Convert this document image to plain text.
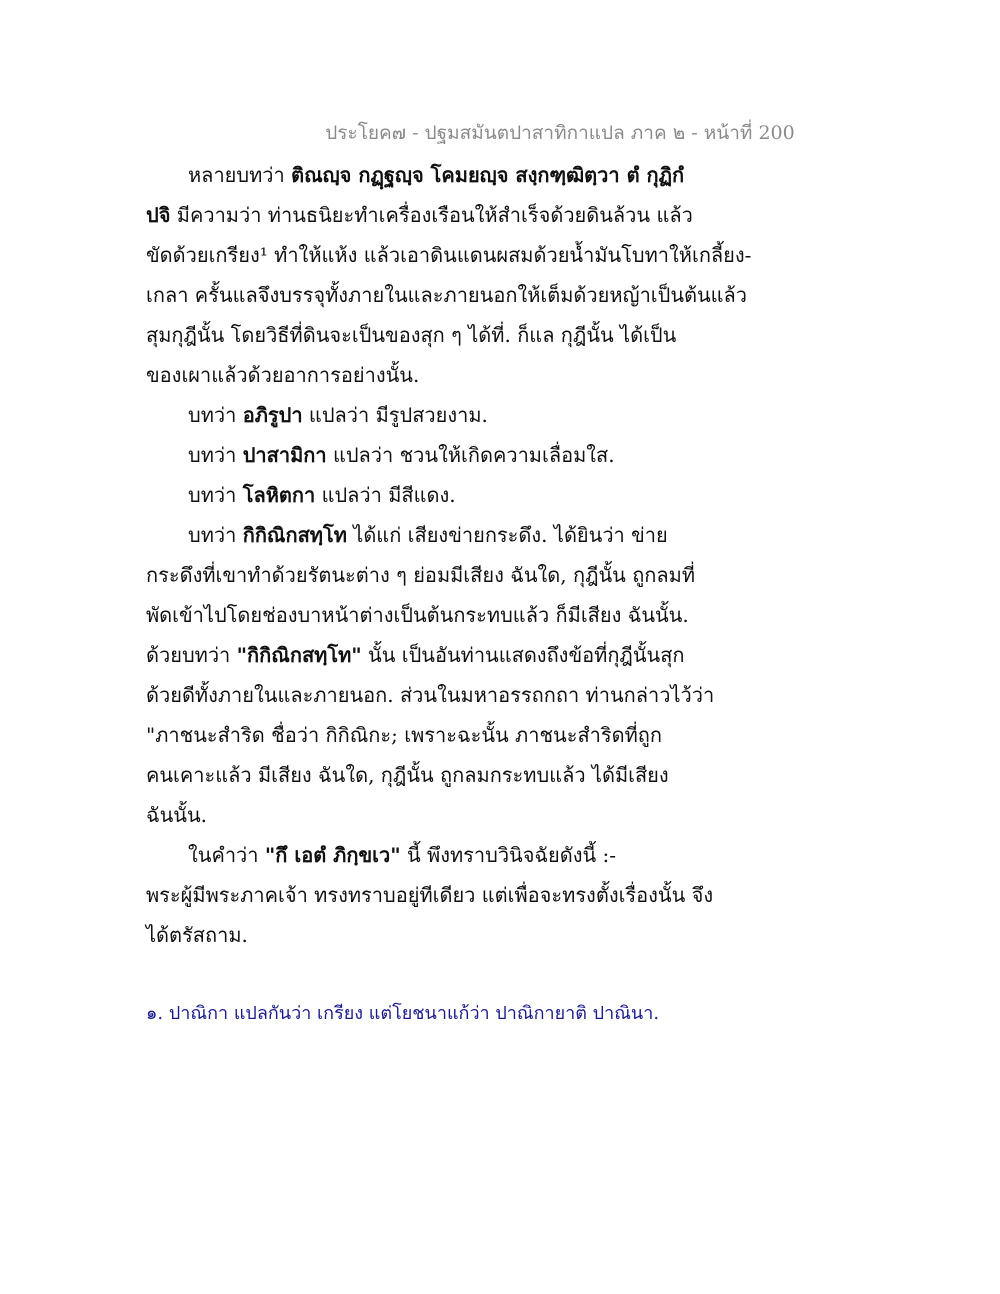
ประโยค๗ - ปฐมสมันตปาสาทิกาแปล ภาค ๒ - หน้าที่ 200
หลายบทว่า ติณญฺจ กฏฺฐญฺจ โคมยญฺจ สงฺกฑฺฒิตฺวา ตํ กุฏิกํ
ปจิ มีความว่า ท่านธนิยะทำเครื่องเรือนให้สำเร็จด้วยดินล้วน แล้ว
ขัดด้วยเกรียง¹ ทำให้แห้ง แล้วเอาดินแดนผสมด้วยน้ำมันโบทาให้เกลี้ยง-
เกลา ครั้นแลจึงบรรจุทั้งภายในและภายนอกให้เต็มด้วยหญ้าเป็นต้นแล้ว
สุมกุฎีนั้น โดยวิธีที่ดินจะเป็นของสุก ๆ ได้ที่. ก็แล กุฎีนั้น ได้เป็น
ของเผาแล้วด้วยอาการอย่างนั้น.
บทว่า อภิรูปา แปลว่า มีรูปสวยงาม.
บทว่า ปาสามิกา แปลว่า ชวนให้เกิดความเลื่อมใส.
บทว่า โลหิตกา แปลว่า มีสีแดง.
บทว่า กิกิณิกสทฺโท ได้แก่ เสียงข่ายกระดึง. ได้ยินว่า ข่าย
กระดึงที่เขาทำด้วยรัตนะต่าง ๆ ย่อมมีเสียง ฉันใด, กุฎีนั้น ถูกลมที่
พัดเข้าไปโดยช่องบาหน้าต่างเป็นต้นกระทบแล้ว ก็มีเสียง ฉันนั้น.
ด้วยบทว่า "กิกิณิกสทฺโท" นั้น เป็นอันท่านแสดงถึงข้อที่กุฎีนั้นสุก
ด้วยดีทั้งภายในและภายนอก. ส่วนในมหาอรรถกถา ท่านกล่าวไว้ว่า
"ภาชนะสำริด ชื่อว่า กิกิณิกะ; เพราะฉะนั้น ภาชนะสำริดที่ถูก
คนเคาะแล้ว มีเสียง ฉันใด, กุฎีนั้น ถูกลมกระทบแล้ว ได้มีเสียง
ฉันนั้น.
ในคำว่า "กึ เอตํ ภิกฺขเว" นี้ พึงทราบวินิจฉัยดังนี้ :-
พระผู้มีพระภาคเจ้า ทรงทราบอยู่ทีเดียว แต่เพื่อจะทรงตั้งเรื่องนั้น จึง
ได้ตรัสถาม.
๑. ปาณิกา แปลกันว่า เกรียง แต่โยชนาแก้ว่า ปาณิกายาติ ปาณินา.
